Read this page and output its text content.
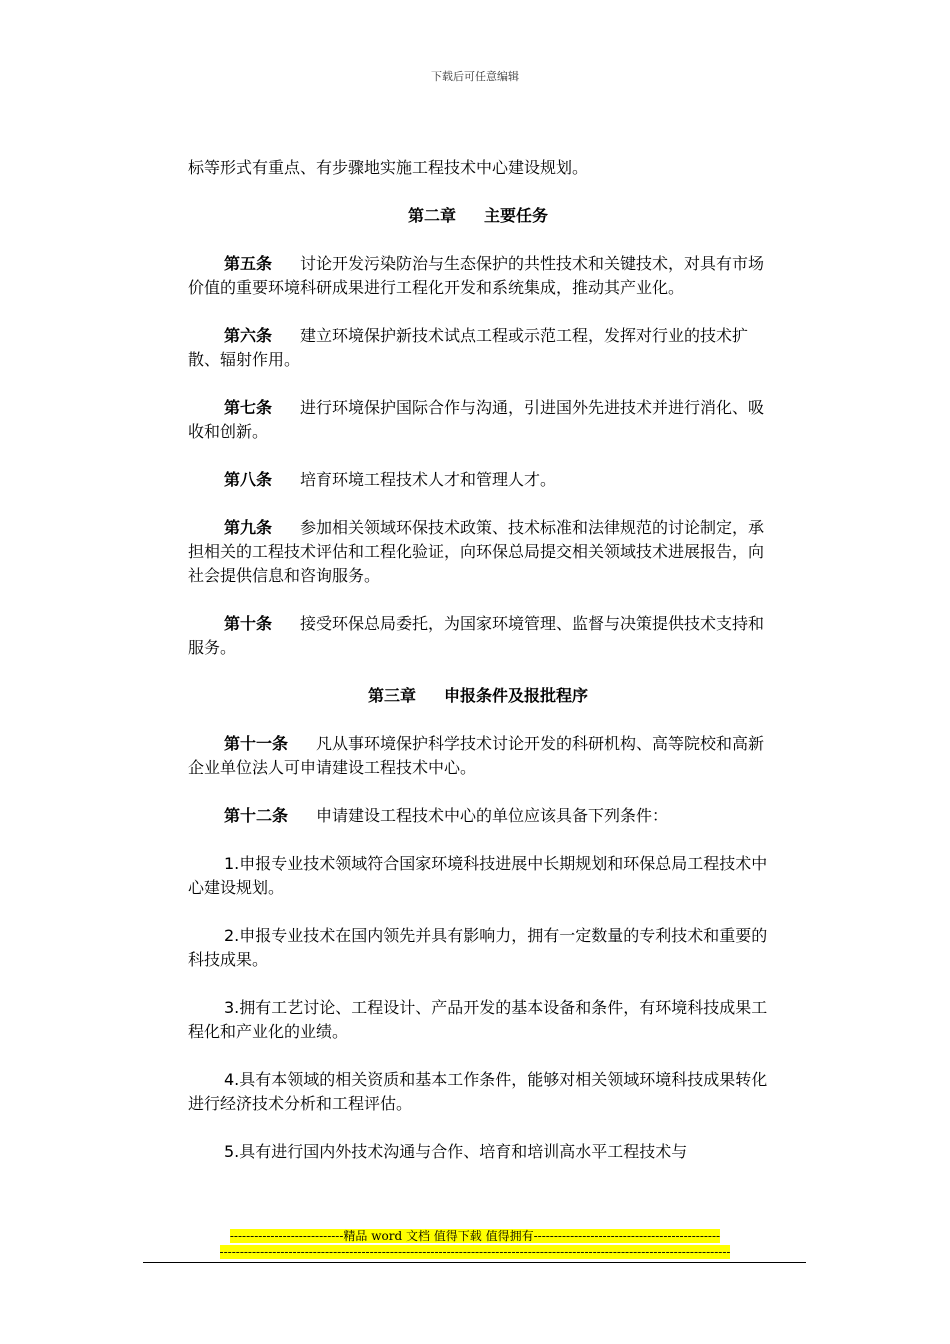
下载后可任意编辑

标等形式有重点、有步骤地实施工程技术中心建设规划。

第二章 主要任务

第五条 讨论开发污染防治与生态保护的共性技术和关键技术，对具有市场价值的重要环境科研成果进行工程化开发和系统集成，推动其产业化。

第六条 建立环境保护新技术试点工程或示范工程，发挥对行业的技术扩散、辐射作用。

第七条 进行环境保护国际合作与沟通，引进国外先进技术并进行消化、吸收和创新。

第八条 培育环境工程技术人才和管理人才。

第九条 参加相关领域环保技术政策、技术标准和法律规范的讨论制定，承担相关的工程技术评估和工程化验证，向环保总局提交相关领域技术进展报告，向社会提供信息和咨询服务。

第十条 接受环保总局委托，为国家环境管理、监督与决策提供技术支持和服务。

第三章 申报条件及报批程序

第十一条 凡从事环境保护科学技术讨论开发的科研机构、高等院校和高新企业单位法人可申请建设工程技术中心。

第十二条 申请建设工程技术中心的单位应该具备下列条件：

1.申报专业技术领域符合国家环境科技进展中长期规划和环保总局工程技术中心建设规划。

2.申报专业技术在国内领先并具有影响力，拥有一定数量的专利技术和重要的科技成果。

3.拥有工艺讨论、工程设计、产品开发的基本设备和条件，有环境科技成果工程化和产业化的业绩。

4.具有本领域的相关资质和基本工作条件，能够对相关领域环境科技成果转化进行经济技术分析和工程评估。

5.具有进行国内外技术沟通与合作、培育和培训高水平工程技术与

----------------------------精品 word 文档 值得下载 值得拥有----------------------------------------------
------------------------------------------------------------------------------------------------------------------------------
